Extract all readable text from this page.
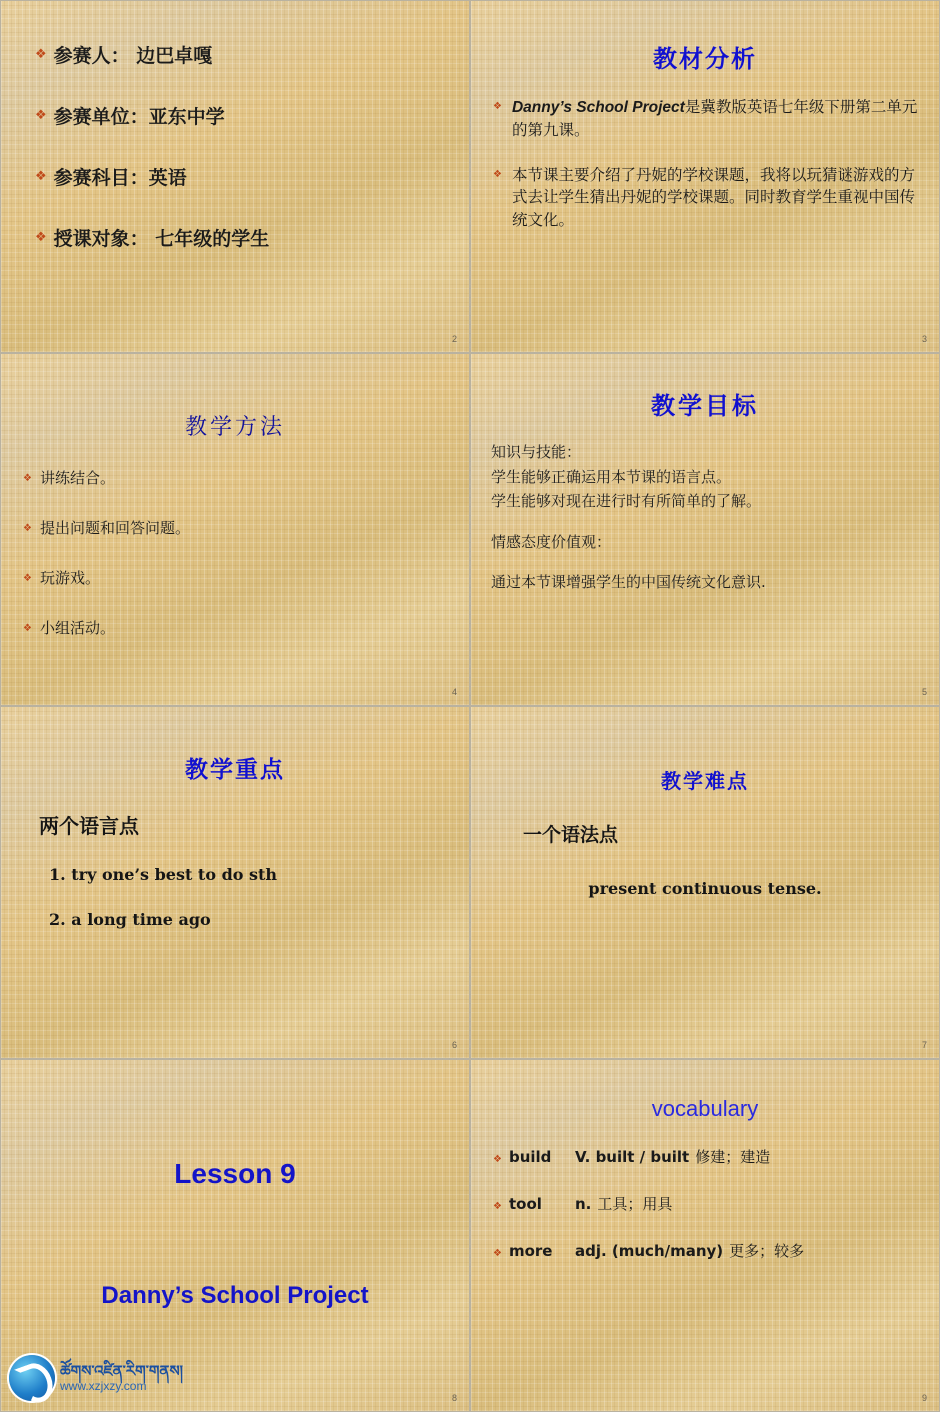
❖ 参赛人： 边巴卓嘎
❖ 参赛单位：亚东中学
❖ 参赛科目：英语
❖ 授课对象： 七年级的学生
2
教材分析
❖ Danny’s School Project是冀教版英语七年级下册第二单元的第九课。
❖ 本节课主要介绍了丹妮的学校课题，我将以玩猜谜游戏的方式去让学生猜出丹妮的学校课题。同时教育学生重视中国传统文化。
3
教学方法
❖ 讲练结合。
❖ 提出问题和回答问题。
❖ 玩游戏。
❖ 小组活动。
4
教学目标
知识与技能：
学生能够正确运用本节课的语言点。
学生能够对现在进行时有所简单的了解。
情感态度价值观：
通过本节课增强学生的中国传统文化意识.
5
教学重点
两个语言点
1. try one’s best to do sth
2. a long time ago
6
教学难点
一个语法点
present continuous tense.
7
Lesson 9
Danny’s School Project
ཚོགས་འཛིན་རིག་གནས།
www.xzjxzy.com
8
vocabulary
❖ build	V. built / built 修建；建造
❖ tool	n. 工具；用具
❖ more	adj. (much/many) 更多；较多
9
